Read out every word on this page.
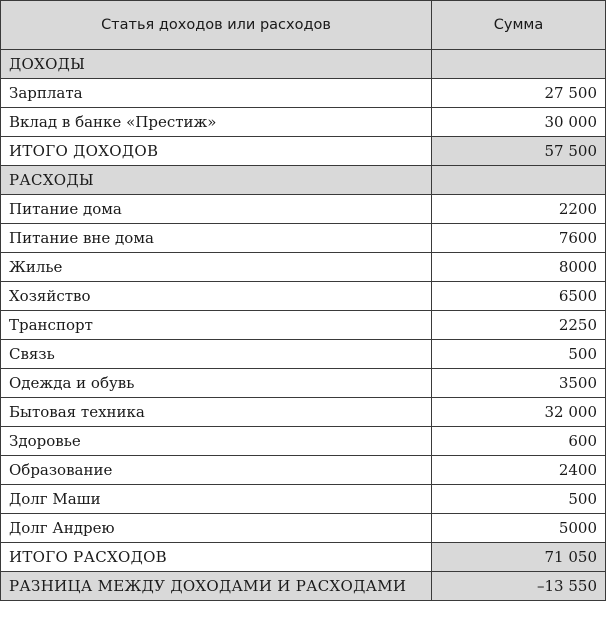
Статья доходов или расходов	Сумма
ДОХОДЫ	
Зарплата	27 500
Вклад в банке «Престиж»	30 000
ИТОГО ДОХОДОВ	57 500
РАСХОДЫ	
Питание дома	2200
Питание вне дома	7600
Жилье	8000
Хозяйство	6500
Транспорт	2250
Связь	500
Одежда и обувь	3500
Бытовая техника	32 000
Здоровье	600
Образование	2400
Долг Маши	500
Долг Андрею	5000
ИТОГО РАСХОДОВ	71 050
РАЗНИЦА МЕЖДУ ДОХОДАМИ И РАСХОДАМИ	–13 550
